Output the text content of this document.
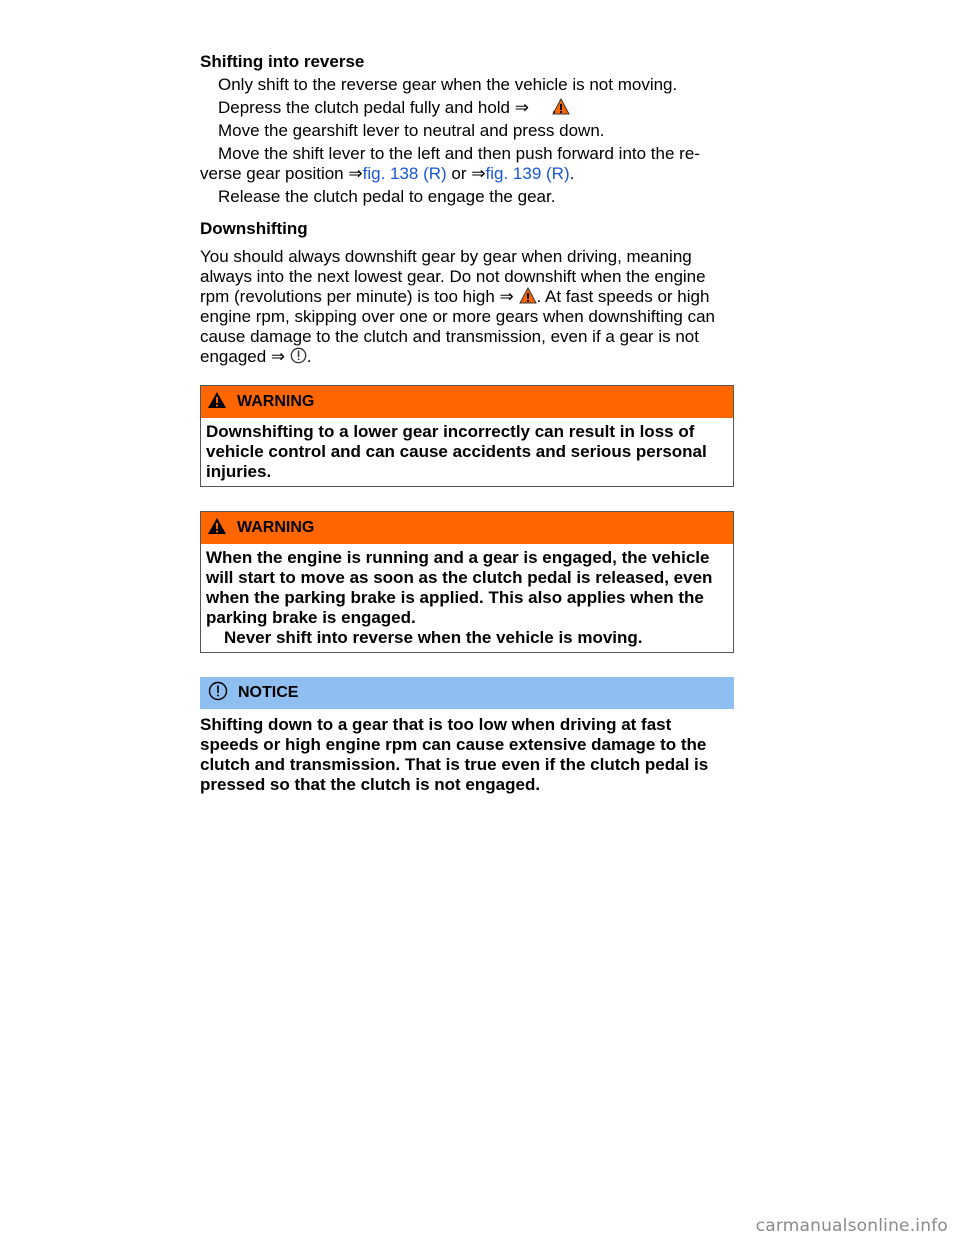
Shifting into reverse
Only shift to the reverse gear when the vehicle is not moving.
Depress the clutch pedal fully and hold ⇒ .
Move the gearshift lever to neutral and press down.
Move the shift lever to the left and then push forward into the re-verse gear position ⇒fig. 138 (R) or ⇒fig. 139 (R).
Release the clutch pedal to engage the gear.
Downshifting
You should always downshift gear by gear when driving, meaning always into the next lowest gear. Do not downshift when the engine rpm (revolutions per minute) is too high ⇒ . At fast speeds or high engine rpm, skipping over one or more gears when downshifting can cause damage to the clutch and transmission, even if a gear is not engaged ⇒ .
WARNING
Downshifting to a lower gear incorrectly can result in loss of vehicle control and can cause accidents and serious personal injuries.
WARNING
When the engine is running and a gear is engaged, the vehicle will start to move as soon as the clutch pedal is released, even when the parking brake is applied. This also applies when the parking brake is engaged.
Never shift into reverse when the vehicle is moving.
NOTICE
Shifting down to a gear that is too low when driving at fast speeds or high engine rpm can cause extensive damage to the clutch and transmission. That is true even if the clutch pedal is pressed so that the clutch is not engaged.
carmanualsonline.info
